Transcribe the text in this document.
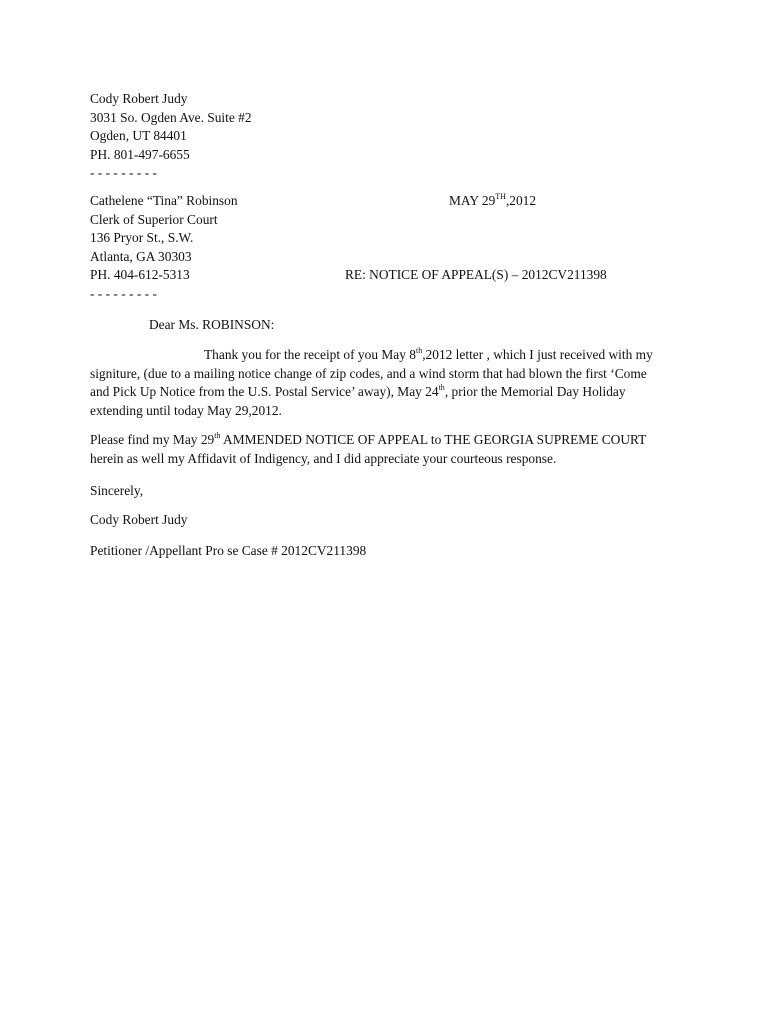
Cody Robert Judy
3031 So. Ogden Ave. Suite #2
Ogden, UT 84401
PH. 801-497-6655
- - - - - - - - -
Cathelene “Tina” Robinson
Clerk of Superior Court
136 Pryor St., S.W.
Atlanta, GA 30303
PH. 404-612-5313
- - - - - - - - -
MAY 29TH,2012
RE: NOTICE OF APPEAL(S) – 2012CV211398
Dear Ms. ROBINSON:
Thank you for the receipt of you May 8th,2012 letter , which I just received with my
signiture, (due to a mailing notice change of zip codes, and a wind storm that had blown the first ‘Come
and Pick Up Notice from the U.S. Postal Service’ away), May 24th, prior the Memorial Day Holiday
extending until today May 29,2012.
Please find my May 29th AMMENDED NOTICE OF APPEAL to THE GEORGIA SUPREME COURT
herein as well my Affidavit of Indigency, and I did appreciate your courteous response.
Sincerely,
Cody Robert Judy
Petitioner /Appellant Pro se Case # 2012CV211398
